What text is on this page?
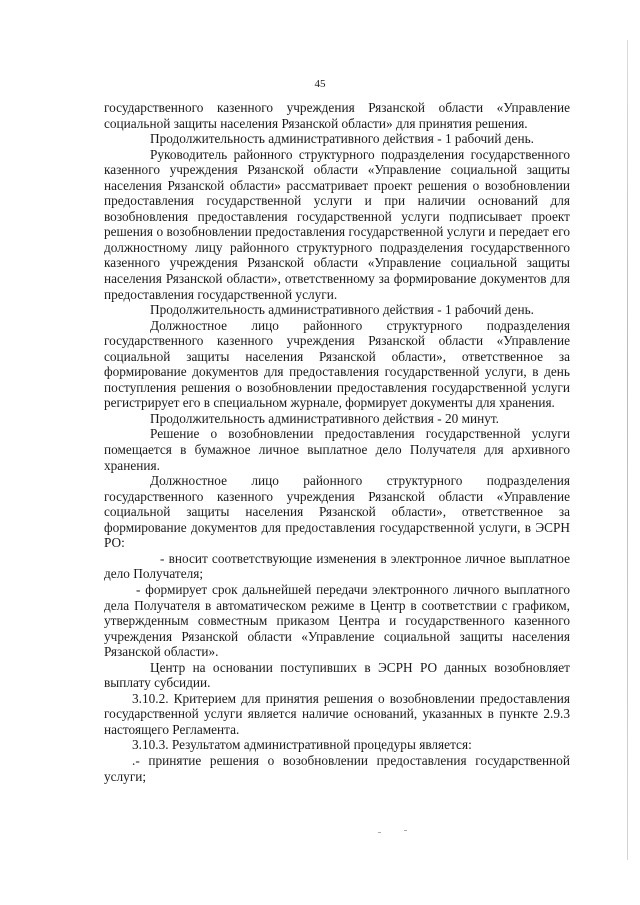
45

государственного казенного учреждения Рязанской области «Управление социальной защиты населения Рязанской области» для принятия решения.

Продолжительность административного действия - 1 рабочий день.

Руководитель районного структурного подразделения государственного казенного учреждения Рязанской области «Управление социальной защиты населения Рязанской области» рассматривает проект решения о возобновлении предоставления государственной услуги и при наличии оснований для возобновления предоставления государственной услуги подписывает проект решения о возобновлении предоставления государственной услуги и передает его должностному лицу районного структурного подразделения государственного казенного учреждения Рязанской области «Управление социальной защиты населения Рязанской области», ответственному за формирование документов для предоставления государственной услуги.

Продолжительность административного действия - 1 рабочий день.

Должностное лицо районного структурного подразделения государственного казенного учреждения Рязанской области «Управление социальной защиты населения Рязанской области», ответственное за формирование документов для предоставления государственной услуги, в день поступления решения о возобновлении предоставления государственной услуги регистрирует его в специальном журнале, формирует документы для хранения.

Продолжительность административного действия - 20 минут.

Решение о возобновлении предоставления государственной услуги помещается в бумажное личное выплатное дело Получателя для архивного хранения.

Должностное лицо районного структурного подразделения государственного казенного учреждения Рязанской области «Управление социальной защиты населения Рязанской области», ответственное за формирование документов для предоставления государственной услуги, в ЭСРН РО:

- вносит соответствующие изменения в электронное личное выплатное дело Получателя;

- формирует срок дальнейшей передачи электронного личного выплатного дела Получателя в автоматическом режиме в Центр в соответствии с графиком, утвержденным совместным приказом Центра и государственного казенного учреждения Рязанской области «Управление социальной защиты населения Рязанской области».

Центр на основании поступивших в ЭСРН РО данных возобновляет выплату субсидии.

3.10.2. Критерием для принятия решения о возобновлении предоставления государственной услуги является наличие оснований, указанных в пункте 2.9.3 настоящего Регламента.

3.10.3. Результатом административной процедуры является:

.- принятие решения о возобновлении предоставления государственной услуги;
